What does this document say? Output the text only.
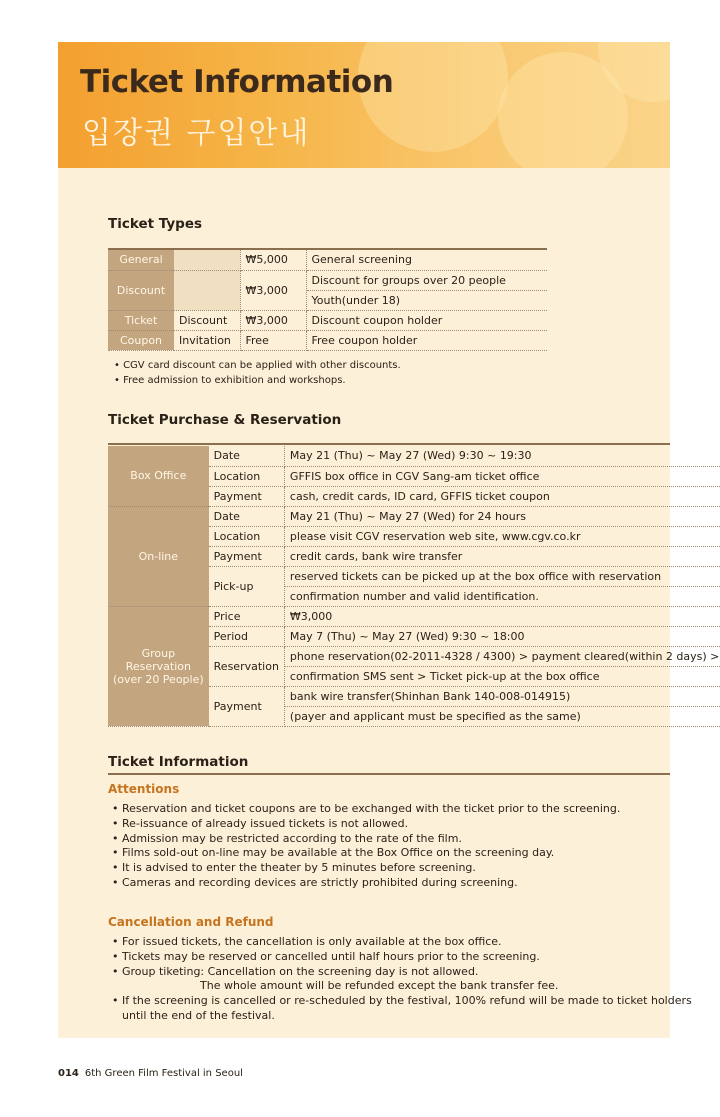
Ticket Information
입장권 구입안내
Ticket Types
General		₩5,000	General screening
Discount		₩3,000	Discount for groups over 20 people
			Youth(under 18)
Ticket	Discount	₩3,000	Discount coupon holder
Coupon	Invitation	Free	Free coupon holder
• CGV card discount can be applied with other discounts.
• Free admission to exhibition and workshops.
Ticket Purchase & Reservation
Box Office	Date	May 21 (Thu) ~ May 27 (Wed) 9:30 ~ 19:30
	Location	GFFIS box office in CGV Sang-am ticket office
	Payment	cash, credit cards, ID card, GFFIS ticket coupon
On-line	Date	May 21 (Thu) ~ May 27 (Wed) for 24 hours
	Location	please visit CGV reservation web site, www.cgv.co.kr
	Payment	credit cards, bank wire transfer
	Pick-up	reserved tickets can be picked up at the box office with reservation
		confirmation number and valid identification.

Group
Reservation
(over 20 People)	Price	₩3,000
	Period	May 7 (Thu) ~ May 27 (Wed) 9:30 ~ 18:00
	Reservation	phone reservation(02-2011-4328 / 4300) > payment cleared(within 2 days) >
		confirmation SMS sent > Ticket pick-up at the box office
	Payment	bank wire transfer(Shinhan Bank 140-008-014915)
		(payer and applicant must be specified as the same)
Ticket Information
Attentions
• Reservation and ticket coupons are to be exchanged with the ticket prior to the screening.
• Re-issuance of already issued tickets is not allowed.
• Admission may be restricted according to the rate of the film.
• Films sold-out on-line may be available at the Box Office on the screening day.
• It is advised to enter the theater by 5 minutes before screening.
• Cameras and recording devices are strictly prohibited during screening.
Cancellation and Refund
• For issued tickets, the cancellation is only available at the box office.
• Tickets may be reserved or cancelled until half hours prior to the screening.
• Group tiketing: Cancellation on the screening day is not allowed.
The whole amount will be refunded except the bank transfer fee.
• If the screening is cancelled or re-scheduled by the festival, 100% refund will be made to ticket holders
until the end of the festival.
014 6th Green Film Festival in Seoul
